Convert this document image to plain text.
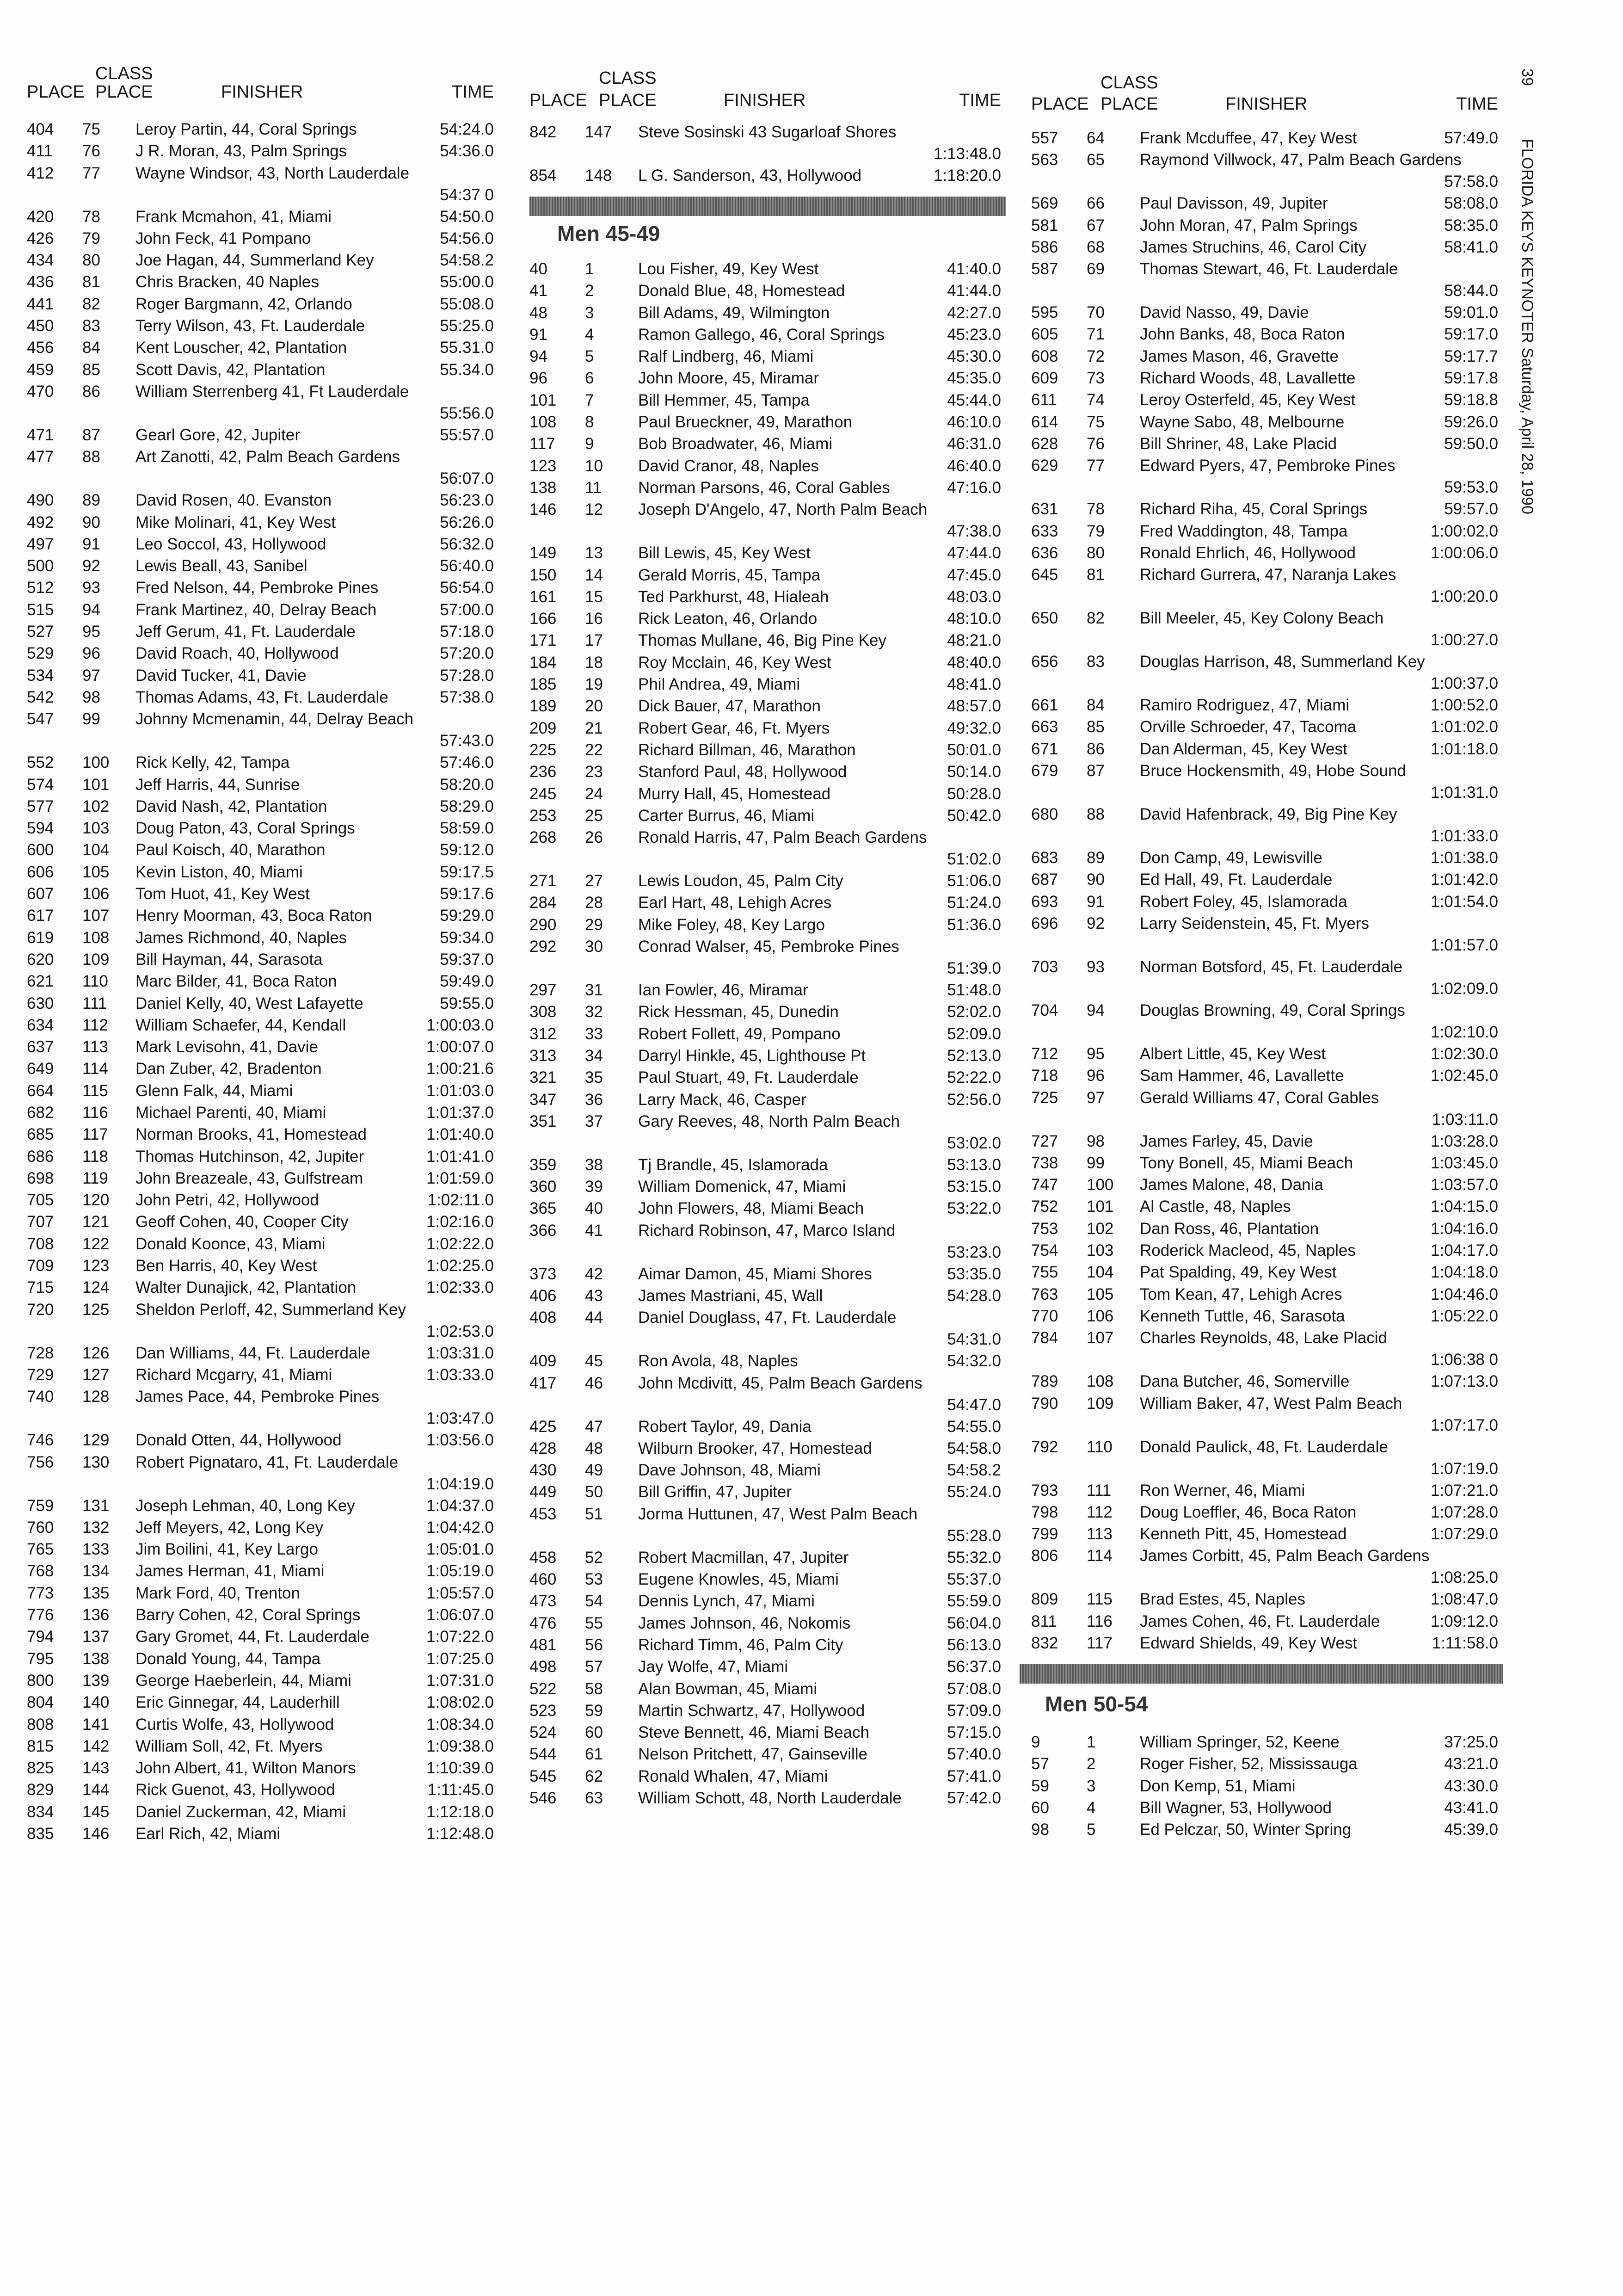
CLASS
PLACE PLACE	FINISHER	TIME
404	75	Leroy Partin, 44, Coral Springs	54:24.0
411	76	J R. Moran, 43, Palm Springs	54:36.0
412	77	Wayne Windsor, 43, North Lauderdale
54:37 0
420	78	Frank Mcmahon, 41, Miami	54:50.0
426	79	John Feck, 41 Pompano	54:56.0
434	80	Joe Hagan, 44, Summerland Key	54:58.2
436	81	Chris Bracken, 40 Naples	55:00.0
441	82	Roger Bargmann, 42, Orlando	55:08.0
450	83	Terry Wilson, 43, Ft. Lauderdale	55:25.0
456	84	Kent Louscher, 42, Plantation	55.31.0
459	85	Scott Davis, 42, Plantation	55.34.0
470	86	William Sterrenberg 41, Ft Lauderdale
55:56.0
471	87	Gearl Gore, 42, Jupiter	55:57.0
477	88	Art Zanotti, 42, Palm Beach Gardens
56:07.0
490	89	David Rosen, 40. Evanston	56:23.0
492	90	Mike Molinari, 41, Key West	56:26.0
497	91	Leo Soccol, 43, Hollywood	56:32.0
500	92	Lewis Beall, 43, Sanibel	56:40.0
512	93	Fred Nelson, 44, Pembroke Pines	56:54.0
515	94	Frank Martinez, 40, Delray Beach	57:00.0
527	95	Jeff Gerum, 41, Ft. Lauderdale	57:18.0
529	96	David Roach, 40, Hollywood	57:20.0
534	97	David Tucker, 41, Davie	57:28.0
542	98	Thomas Adams, 43, Ft. Lauderdale	57:38.0
547	99	Johnny Mcmenamin, 44, Delray Beach
57:43.0
552	100	Rick Kelly, 42, Tampa	57:46.0
574	101	Jeff Harris, 44, Sunrise	58:20.0
577	102	David Nash, 42, Plantation	58:29.0
594	103	Doug Paton, 43, Coral Springs	58:59.0
600	104	Paul Koisch, 40, Marathon	59:12.0
606	105	Kevin Liston, 40, Miami	59:17.5
607	106	Tom Huot, 41, Key West	59:17.6
617	107	Henry Moorman, 43, Boca Raton	59:29.0
619	108	James Richmond, 40, Naples	59:34.0
620	109	Bill Hayman, 44, Sarasota	59:37.0
621	110	Marc Bilder, 41, Boca Raton	59:49.0
630	111	Daniel Kelly, 40, West Lafayette	59:55.0
634	112	William Schaefer, 44, Kendall	1:00:03.0
637	113	Mark Levisohn, 41, Davie	1:00:07.0
649	114	Dan Zuber, 42, Bradenton	1:00:21.6
664	115	Glenn Falk, 44, Miami	1:01:03.0
682	116	Michael Parenti, 40, Miami	1:01:37.0
685	117	Norman Brooks, 41, Homestead	1:01:40.0
686	118	Thomas Hutchinson, 42, Jupiter	1:01:41.0
698	119	John Breazeale, 43, Gulfstream	1:01:59.0
705	120	John Petri, 42, Hollywood	1:02:11.0
707	121	Geoff Cohen, 40, Cooper City	1:02:16.0
708	122	Donald Koonce, 43, Miami	1:02:22.0
709	123	Ben Harris, 40, Key West	1:02:25.0
715	124	Walter Dunajick, 42, Plantation	1:02:33.0
720	125	Sheldon Perloff, 42, Summerland Key
1:02:53.0
728	126	Dan Williams, 44, Ft. Lauderdale	1:03:31.0
729	127	Richard Mcgarry, 41, Miami	1:03:33.0
740	128	James Pace, 44, Pembroke Pines
1:03:47.0
746	129	Donald Otten, 44, Hollywood	1:03:56.0
756	130	Robert Pignataro, 41, Ft. Lauderdale
1:04:19.0
759	131	Joseph Lehman, 40, Long Key	1:04:37.0
760	132	Jeff Meyers, 42, Long Key	1:04:42.0
765	133	Jim Boilini, 41, Key Largo	1:05:01.0
768	134	James Herman, 41, Miami	1:05:19.0
773	135	Mark Ford, 40, Trenton	1:05:57.0
776	136	Barry Cohen, 42, Coral Springs	1:06:07.0
794	137	Gary Gromet, 44, Ft. Lauderdale	1:07:22.0
795	138	Donald Young, 44, Tampa	1:07:25.0
800	139	George Haeberlein, 44, Miami	1:07:31.0
804	140	Eric Ginnegar, 44, Lauderhill	1:08:02.0
808	141	Curtis Wolfe, 43, Hollywood	1:08:34.0
815	142	William Soll, 42, Ft. Myers	1:09:38.0
825	143	John Albert, 41, Wilton Manors	1:10:39.0
829	144	Rick Guenot, 43, Hollywood	1:11:45.0
834	145	Daniel Zuckerman, 42, Miami	1:12:18.0
835	146	Earl Rich, 42, Miami	1:12:48.0
CLASS
PLACE PLACE	FINISHER	TIME
842	147	Steve Sosinski 43 Sugarloaf Shores
1:13:48.0
854	148	L G. Sanderson, 43, Hollywood	1:18:20.0
Men 45-49
40	1	Lou Fisher, 49, Key West	41:40.0
41	2	Donald Blue, 48, Homestead	41:44.0
48	3	Bill Adams, 49, Wilmington	42:27.0
91	4	Ramon Gallego, 46, Coral Springs	45:23.0
94	5	Ralf Lindberg, 46, Miami	45:30.0
96	6	John Moore, 45, Miramar	45:35.0
101	7	Bill Hemmer, 45, Tampa	45:44.0
108	8	Paul Brueckner, 49, Marathon	46:10.0
117	9	Bob Broadwater, 46, Miami	46:31.0
123	10	David Cranor, 48, Naples	46:40.0
138	11	Norman Parsons, 46, Coral Gables	47:16.0
146	12	Joseph D'Angelo, 47, North Palm Beach
47:38.0
149	13	Bill Lewis, 45, Key West	47:44.0
150	14	Gerald Morris, 45, Tampa	47:45.0
161	15	Ted Parkhurst, 48, Hialeah	48:03.0
166	16	Rick Leaton, 46, Orlando	48:10.0
171	17	Thomas Mullane, 46, Big Pine Key	48:21.0
184	18	Roy Mcclain, 46, Key West	48:40.0
185	19	Phil Andrea, 49, Miami	48:41.0
189	20	Dick Bauer, 47, Marathon	48:57.0
209	21	Robert Gear, 46, Ft. Myers	49:32.0
225	22	Richard Billman, 46, Marathon	50:01.0
236	23	Stanford Paul, 48, Hollywood	50:14.0
245	24	Murry Hall, 45, Homestead	50:28.0
253	25	Carter Burrus, 46, Miami	50:42.0
268	26	Ronald Harris, 47, Palm Beach Gardens
51:02.0
271	27	Lewis Loudon, 45, Palm City	51:06.0
284	28	Earl Hart, 48, Lehigh Acres	51:24.0
290	29	Mike Foley, 48, Key Largo	51:36.0
292	30	Conrad Walser, 45, Pembroke Pines
51:39.0
297	31	Ian Fowler, 46, Miramar	51:48.0
308	32	Rick Hessman, 45, Dunedin	52:02.0
312	33	Robert Follett, 49, Pompano	52:09.0
313	34	Darryl Hinkle, 45, Lighthouse Pt	52:13.0
321	35	Paul Stuart, 49, Ft. Lauderdale	52:22.0
347	36	Larry Mack, 46, Casper	52:56.0
351	37	Gary Reeves, 48, North Palm Beach
53:02.0
359	38	Tj Brandle, 45, Islamorada	53:13.0
360	39	William Domenick, 47, Miami	53:15.0
365	40	John Flowers, 48, Miami Beach	53:22.0
366	41	Richard Robinson, 47, Marco Island
53:23.0
373	42	Aimar Damon, 45, Miami Shores	53:35.0
406	43	James Mastriani, 45, Wall	54:28.0
408	44	Daniel Douglass, 47, Ft. Lauderdale
54:31.0
409	45	Ron Avola, 48, Naples	54:32.0
417	46	John Mcdivitt, 45, Palm Beach Gardens
54:47.0
425	47	Robert Taylor, 49, Dania	54:55.0
428	48	Wilburn Brooker, 47, Homestead	54:58.0
430	49	Dave Johnson, 48, Miami	54:58.2
449	50	Bill Griffin, 47, Jupiter	55:24.0
453	51	Jorma Huttunen, 47, West Palm Beach
55:28.0
458	52	Robert Macmillan, 47, Jupiter	55:32.0
460	53	Eugene Knowles, 45, Miami	55:37.0
473	54	Dennis Lynch, 47, Miami	55:59.0
476	55	James Johnson, 46, Nokomis	56:04.0
481	56	Richard Timm, 46, Palm City	56:13.0
498	57	Jay Wolfe, 47, Miami	56:37.0
522	58	Alan Bowman, 45, Miami	57:08.0
523	59	Martin Schwartz, 47, Hollywood	57:09.0
524	60	Steve Bennett, 46, Miami Beach	57:15.0
544	61	Nelson Pritchett, 47, Gainseville	57:40.0
545	62	Ronald Whalen, 47, Miami	57:41.0
546	63	William Schott, 48, North Lauderdale	57:42.0
CLASS
PLACE PLACE	FINISHER	TIME
557	64	Frank Mcduffee, 47, Key West	57:49.0
563	65	Raymond Villwock, 47, Palm Beach Gardens
57:58.0
569	66	Paul Davisson, 49, Jupiter	58:08.0
581	67	John Moran, 47, Palm Springs	58:35.0
586	68	James Struchins, 46, Carol City	58:41.0
587	69	Thomas Stewart, 46, Ft. Lauderdale
58:44.0
595	70	David Nasso, 49, Davie	59:01.0
605	71	John Banks, 48, Boca Raton	59:17.0
608	72	James Mason, 46, Gravette	59:17.7
609	73	Richard Woods, 48, Lavallette	59:17.8
611	74	Leroy Osterfeld, 45, Key West	59:18.8
614	75	Wayne Sabo, 48, Melbourne	59:26.0
628	76	Bill Shriner, 48, Lake Placid	59:50.0
629	77	Edward Pyers, 47, Pembroke Pines
59:53.0
631	78	Richard Riha, 45, Coral Springs	59:57.0
633	79	Fred Waddington, 48, Tampa	1:00:02.0
636	80	Ronald Ehrlich, 46, Hollywood	1:00:06.0
645	81	Richard Gurrera, 47, Naranja Lakes
1:00:20.0
650	82	Bill Meeler, 45, Key Colony Beach
1:00:27.0
656	83	Douglas Harrison, 48, Summerland Key
1:00:37.0
661	84	Ramiro Rodriguez, 47, Miami	1:00:52.0
663	85	Orville Schroeder, 47, Tacoma	1:01:02.0
671	86	Dan Alderman, 45, Key West	1:01:18.0
679	87	Bruce Hockensmith, 49, Hobe Sound
1:01:31.0
680	88	David Hafenbrack, 49, Big Pine Key
1:01:33.0
683	89	Don Camp, 49, Lewisville	1:01:38.0
687	90	Ed Hall, 49, Ft. Lauderdale	1:01:42.0
693	91	Robert Foley, 45, Islamorada	1:01:54.0
696	92	Larry Seidenstein, 45, Ft. Myers
1:01:57.0
703	93	Norman Botsford, 45, Ft. Lauderdale
1:02:09.0
704	94	Douglas Browning, 49, Coral Springs
1:02:10.0
712	95	Albert Little, 45, Key West	1:02:30.0
718	96	Sam Hammer, 46, Lavallette	1:02:45.0
725	97	Gerald Williams 47, Coral Gables
1:03:11.0
727	98	James Farley, 45, Davie	1:03:28.0
738	99	Tony Bonell, 45, Miami Beach	1:03:45.0
747	100	James Malone, 48, Dania	1:03:57.0
752	101	Al Castle, 48, Naples	1:04:15.0
753	102	Dan Ross, 46, Plantation	1:04:16.0
754	103	Roderick Macleod, 45, Naples	1:04:17.0
755	104	Pat Spalding, 49, Key West	1:04:18.0
763	105	Tom Kean, 47, Lehigh Acres	1:04:46.0
770	106	Kenneth Tuttle, 46, Sarasota	1:05:22.0
784	107	Charles Reynolds, 48, Lake Placid
1:06:38 0
789	108	Dana Butcher, 46, Somerville	1:07:13.0
790	109	William Baker, 47, West Palm Beach
1:07:17.0
792	110	Donald Paulick, 48, Ft. Lauderdale
1:07:19.0
793	111	Ron Werner, 46, Miami	1:07:21.0
798	112	Doug Loeffler, 46, Boca Raton	1:07:28.0
799	113	Kenneth Pitt, 45, Homestead	1:07:29.0
806	114	James Corbitt, 45, Palm Beach Gardens
1:08:25.0
809	115	Brad Estes, 45, Naples	1:08:47.0
811	116	James Cohen, 46, Ft. Lauderdale	1:09:12.0
832	117	Edward Shields, 49, Key West	1:11:58.0
Men 50-54
9	1	William Springer, 52, Keene	37:25.0
57	2	Roger Fisher, 52, Mississauga	43:21.0
59	3	Don Kemp, 51, Miami	43:30.0
60	4	Bill Wagner, 53, Hollywood	43:41.0
98	5	Ed Pelczar, 50, Winter Spring	45:39.0
39
FLORIDA KEYS KEYNOTER Saturday, April 28, 1990
